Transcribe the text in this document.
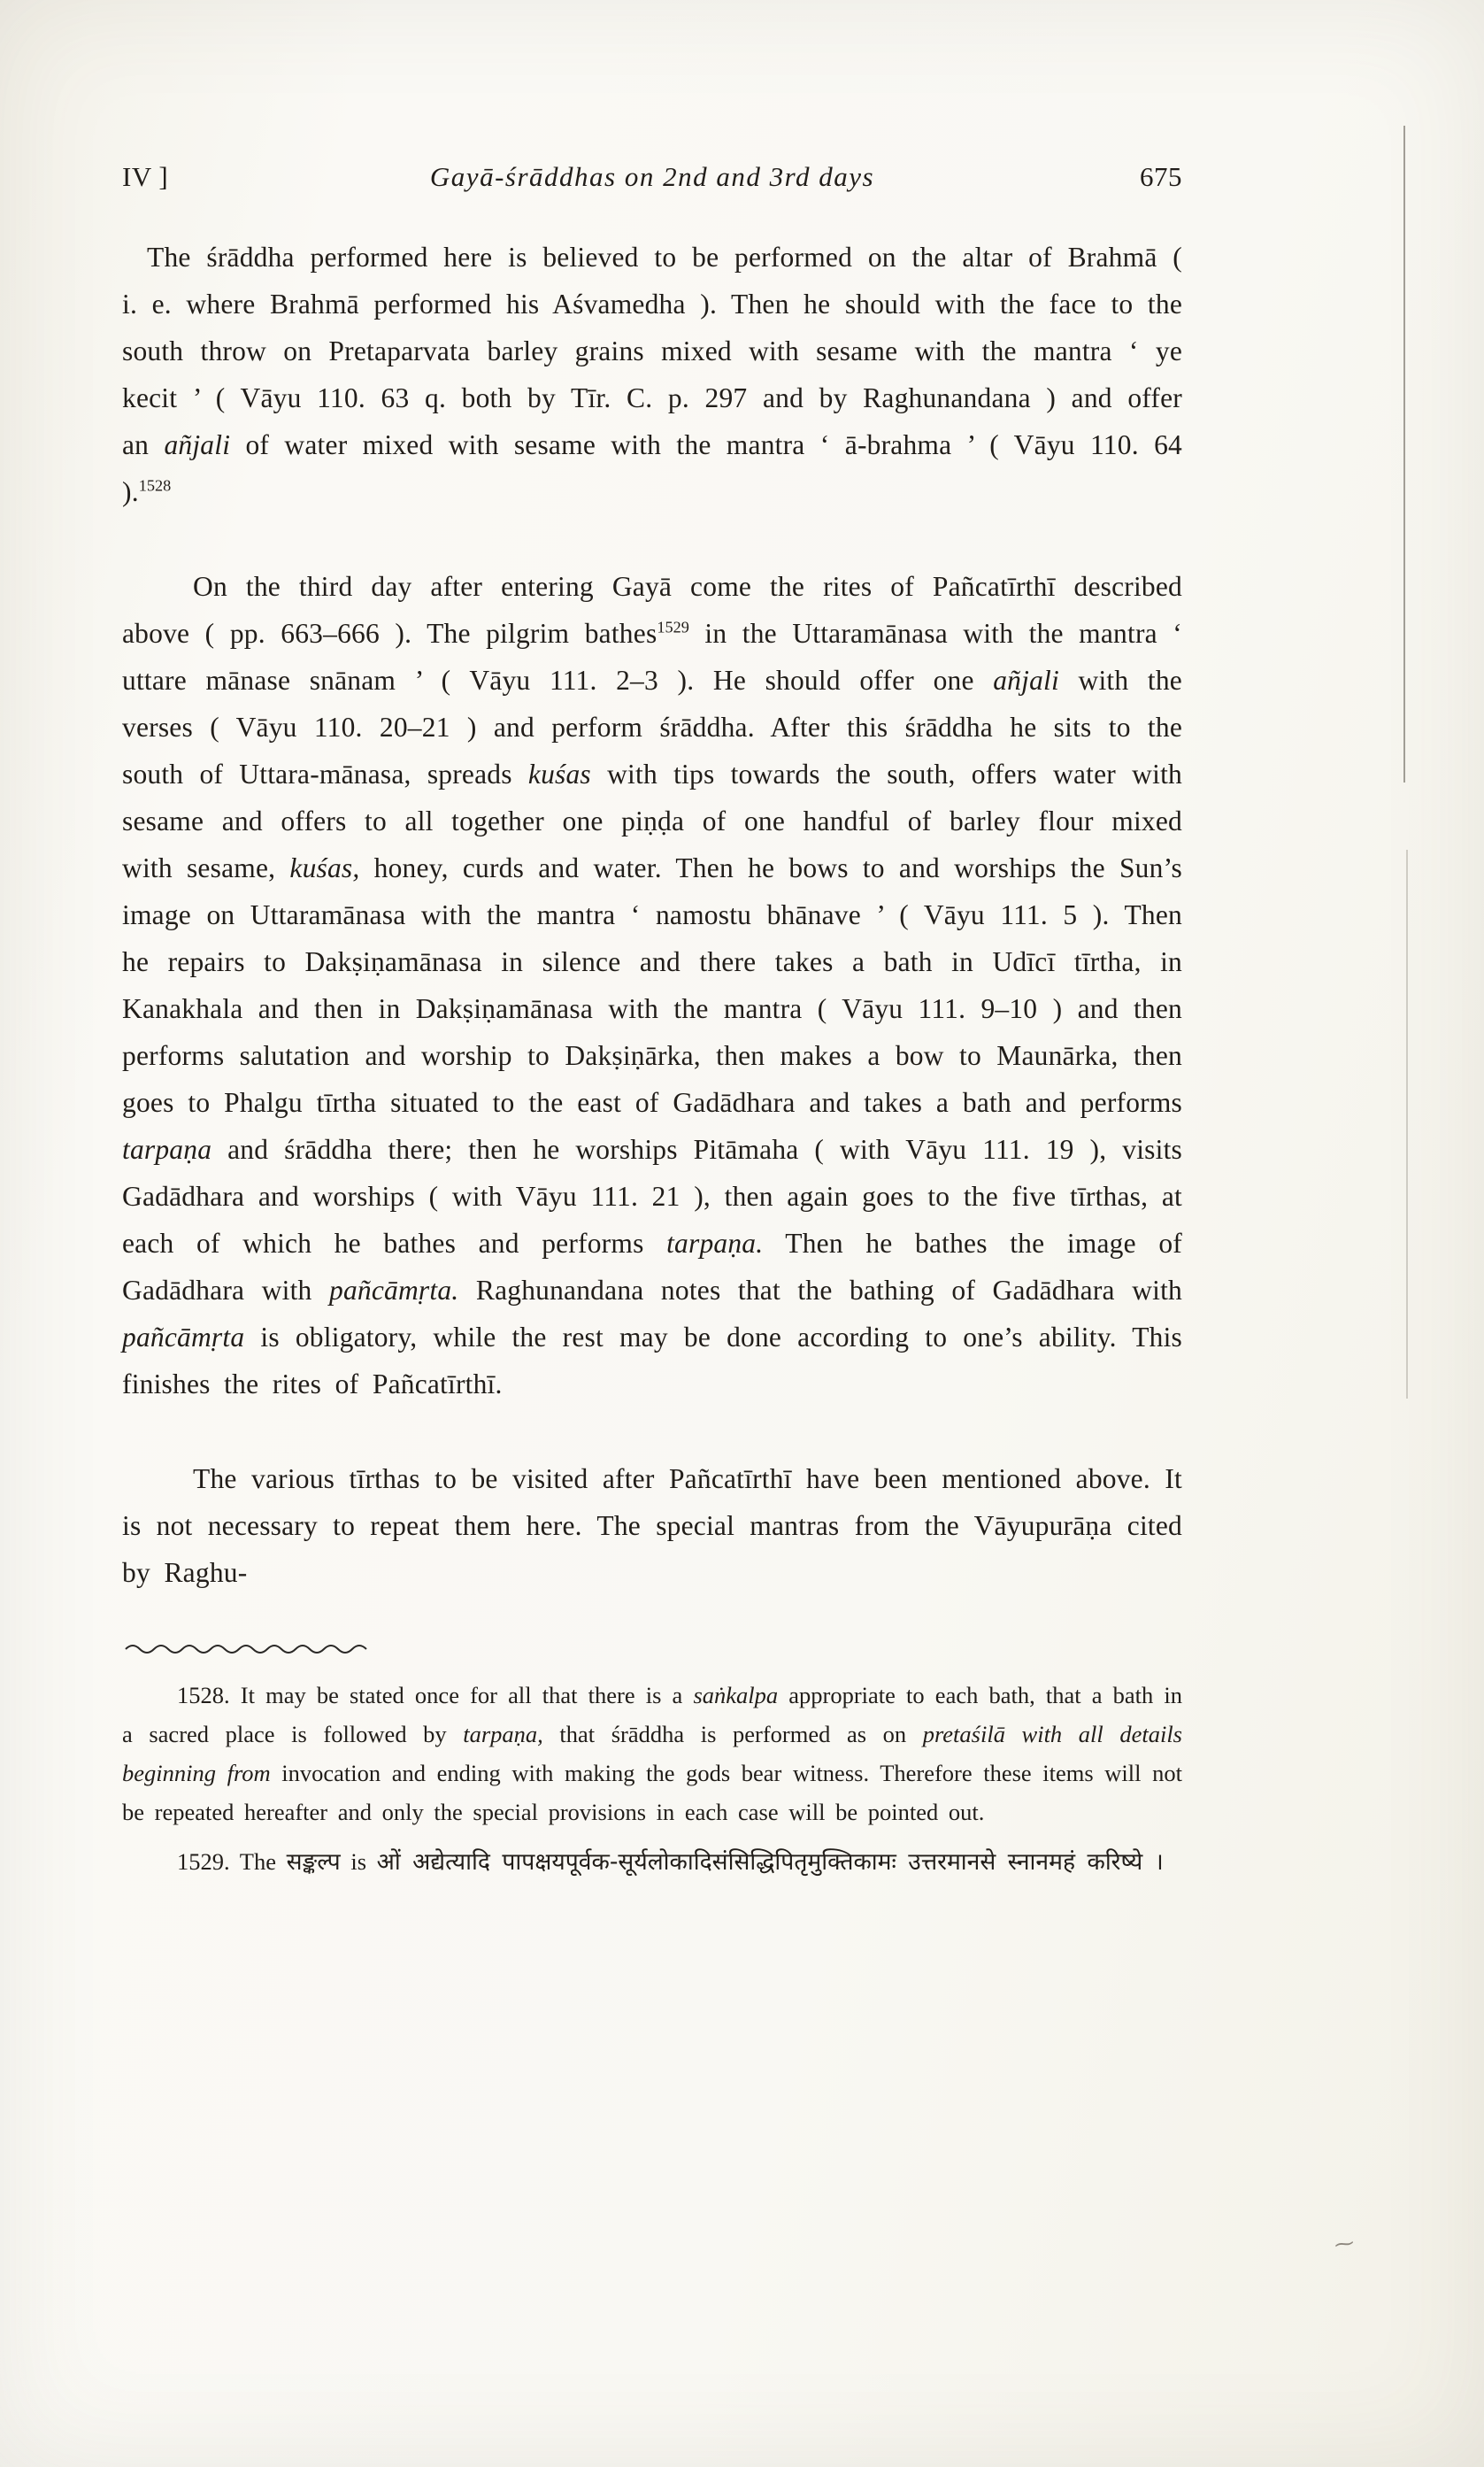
IV ]	Gayā-śrāddhas on 2nd and 3rd days	675

The śrāddha performed here is believed to be performed on the altar of Brahmā ( i. e. where Brahmā performed his Aśvamedha ). Then he should with the face to the south throw on Pretaparvata barley grains mixed with sesame with the mantra ‘ ye kecit ’ ( Vāyu 110. 63 q. both by Tīr. C. p. 297 and by Raghunandana ) and offer an añjali of water mixed with sesame with the mantra ‘ ā-brahma ’ ( Vāyu 110. 64 ).$^{1528}$

On the third day after entering Gayā come the rites of Pañcatīrthī described above ( pp. 663–666 ). The pilgrim bathes$^{1529}$ in the Uttaramānasa with the mantra ‘ uttare mānase snānam ’ ( Vāyu 111. 2–3 ). He should offer one añjali with the verses ( Vāyu 110. 20–21 ) and perform śrāddha. After this śrāddha he sits to the south of Uttara-mānasa, spreads kuśas with tips towards the south, offers water with sesame and offers to all together one piṇḍa of one handful of barley flour mixed with sesame, kuśas, honey, curds and water. Then he bows to and worships the Sun’s image on Uttaramānasa with the mantra ‘ namostu bhānave ’ ( Vāyu 111. 5 ). Then he repairs to Dakṣiṇamānasa in silence and there takes a bath in Udīcī tīrtha, in Kanakhala and then in Dakṣiṇamānasa with the mantra ( Vāyu 111. 9–10 ) and then performs salutation and worship to Dakṣiṇārka, then makes a bow to Maunārka, then goes to Phalgu tīrtha situated to the east of Gadādhara and takes a bath and performs tarpaṇa and śrāddha there; then he worships Pitāmaha ( with Vāyu 111. 19 ), visits Gadādhara and worships ( with Vāyu 111. 21 ), then again goes to the five tīrthas, at each of which he bathes and performs tarpaṇa. Then he bathes the image of Gadādhara with pañcāmṛta. Raghunandana notes that the bathing of Gadādhara with pañcāmṛta is obligatory, while the rest may be done according to one’s ability. This finishes the rites of Pañcatīrthī.

The various tīrthas to be visited after Pañcatīrthī have been mentioned above. It is not necessary to repeat them here. The special mantras from the Vāyupurāṇa cited by Raghu-

1528. It may be stated once for all that there is a saṅkalpa appropriate to each bath, that a bath in a sacred place is followed by tarpaṇa, that śrāddha is performed as on pretaśilā with all details beginning from invocation and ending with making the gods bear witness. Therefore these items will not be repeated hereafter and only the special provisions in each case will be pointed out.

1529. The सङ्कल्प is ओं अद्येत्यादि पापक्षयपूर्वक-सूर्यलोकादिसंसिद्धिपितृमुक्तिकामः उत्तरमानसे स्नानमहं करिष्ये ।

⁓
